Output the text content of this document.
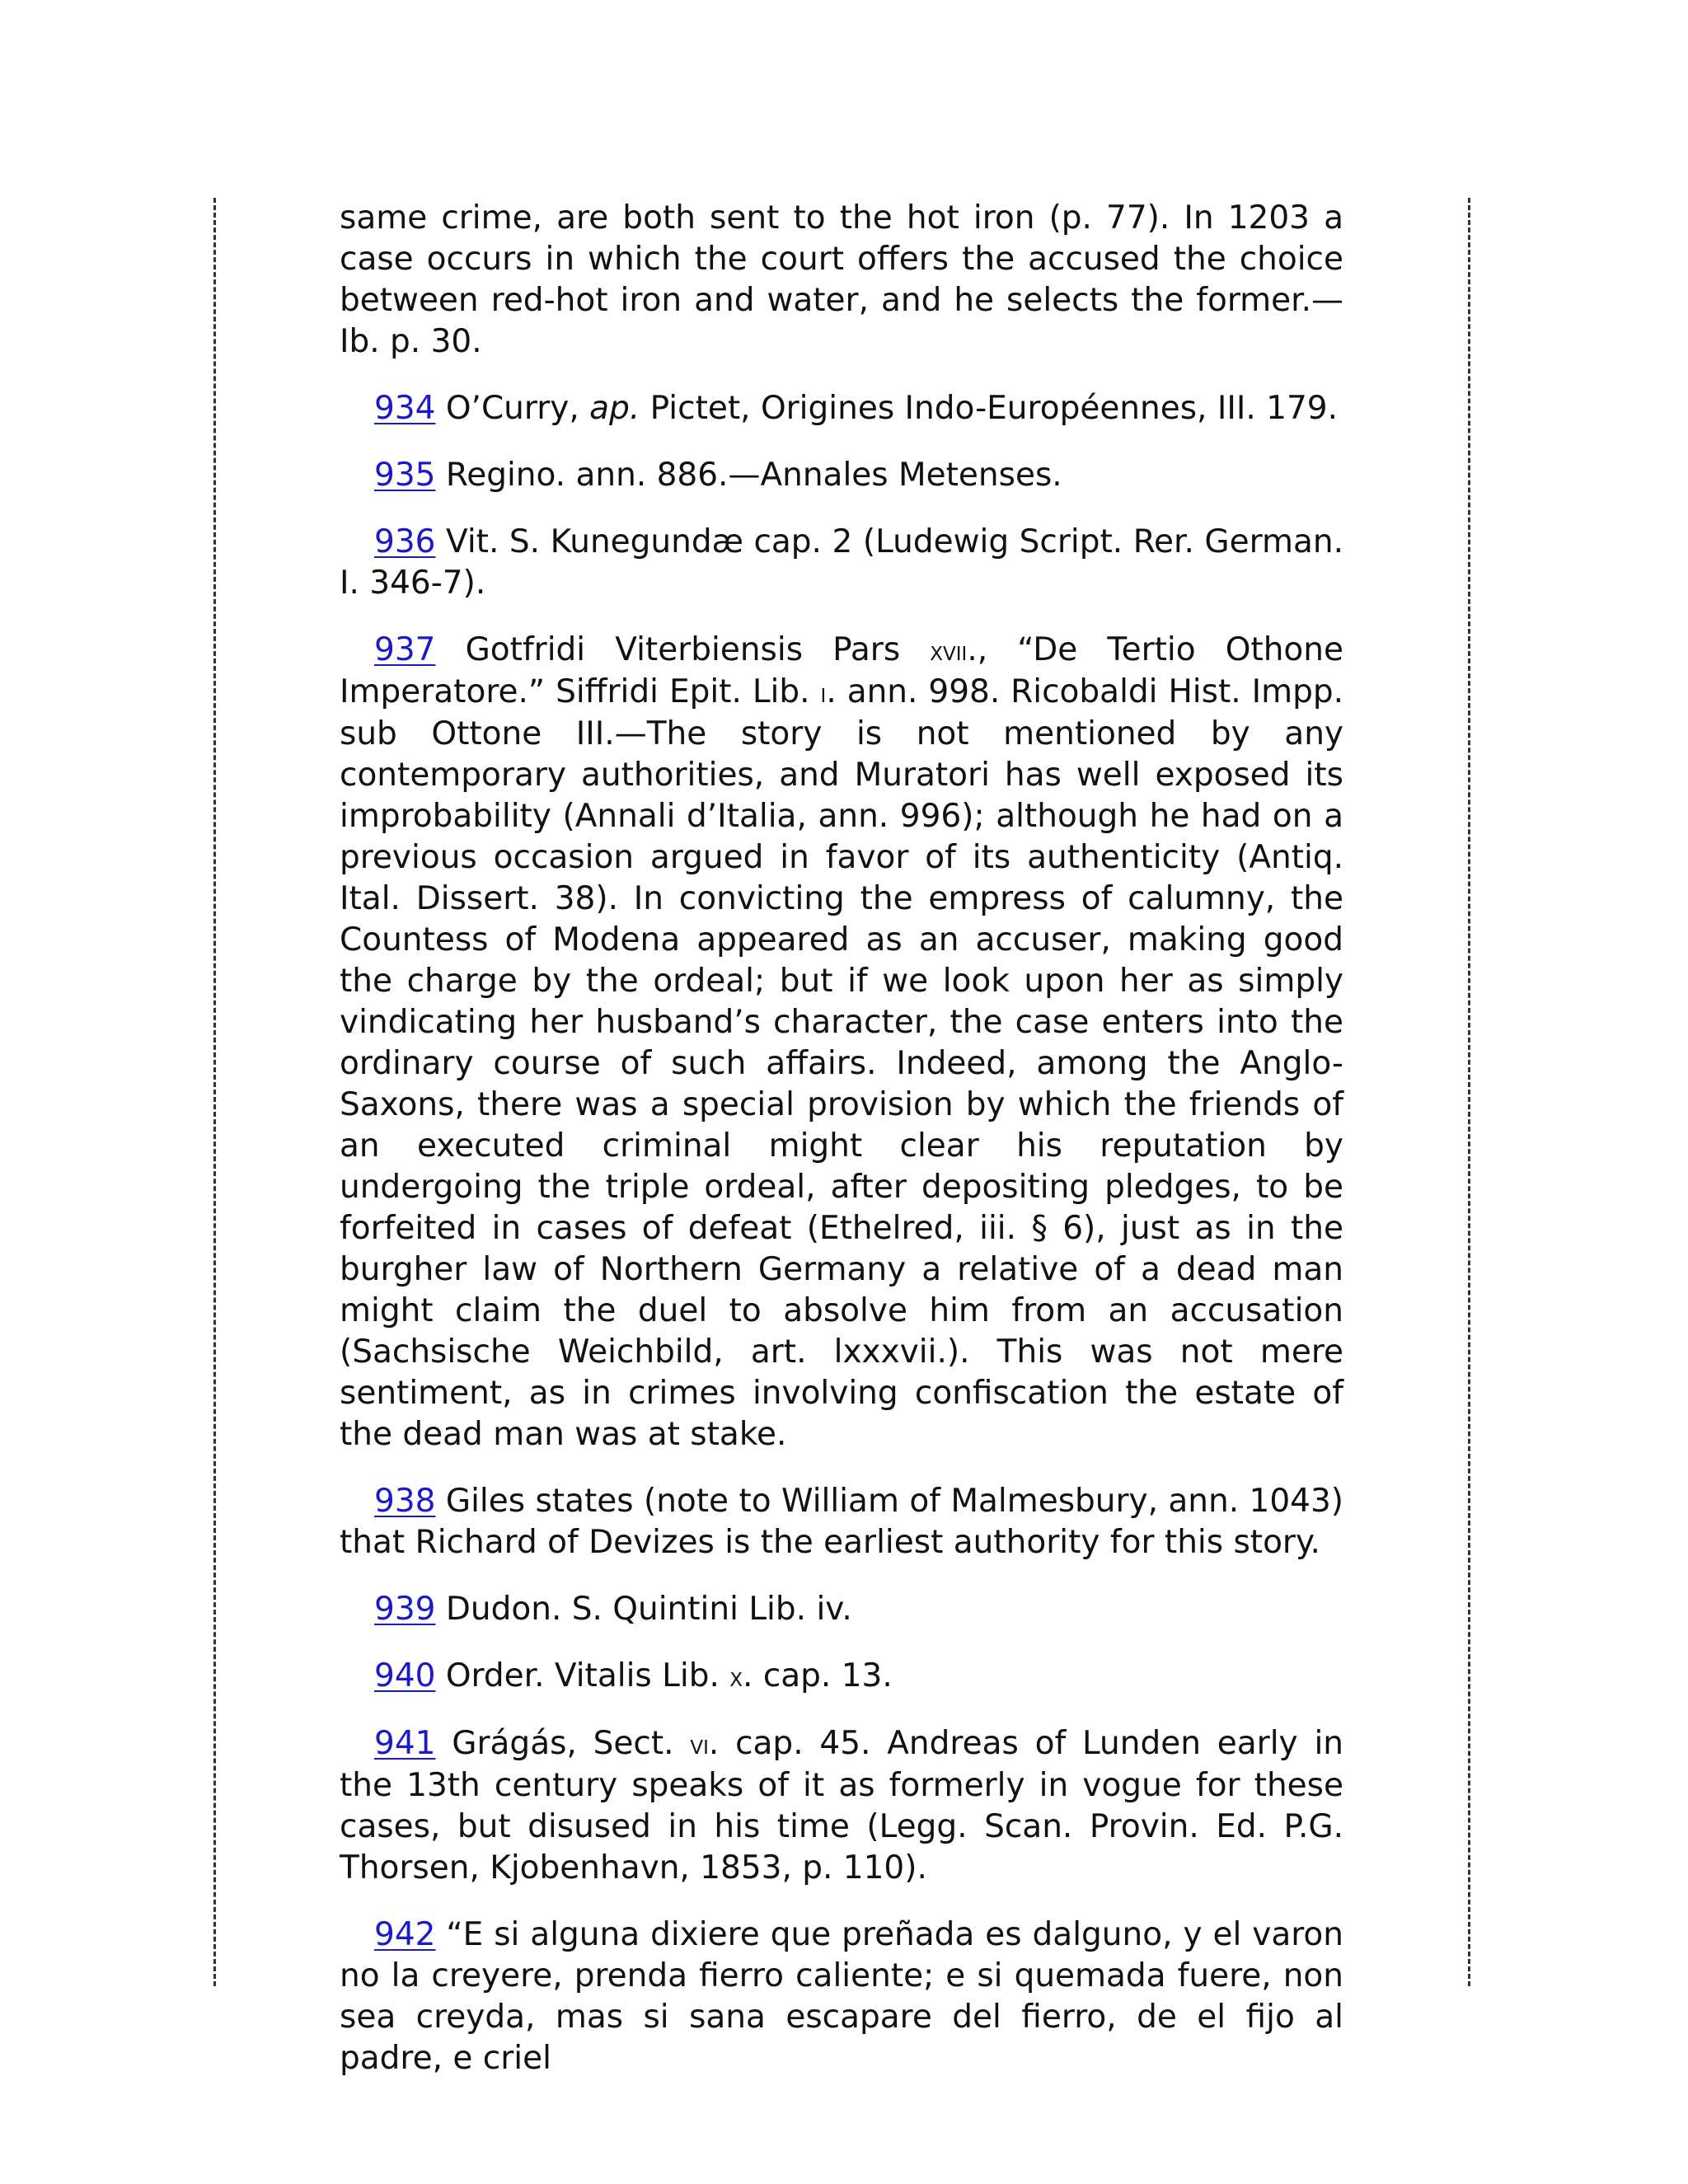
same crime, are both sent to the hot iron (p. 77). In 1203 a case occurs in which the court offers the accused the choice between red-hot iron and water, and he selects the former.—Ib. p. 30.

934 O’Curry, ap. Pictet, Origines Indo-Européennes, III. 179.

935 Regino. ann. 886.—Annales Metenses.

936 Vit. S. Kunegundæ cap. 2 (Ludewig Script. Rer. German. I. 346-7).

937 Gotfridi Viterbiensis Pars xvii., “De Tertio Othone Imperatore.” Siffridi Epit. Lib. i. ann. 998. Ricobaldi Hist. Impp. sub Ottone III.—The story is not mentioned by any contemporary authorities, and Muratori has well exposed its improbability (Annali d’Italia, ann. 996); although he had on a previous occasion argued in favor of its authenticity (Antiq. Ital. Dissert. 38). In convicting the empress of calumny, the Countess of Modena appeared as an accuser, making good the charge by the ordeal; but if we look upon her as simply vindicating her husband’s character, the case enters into the ordinary course of such affairs. Indeed, among the Anglo-Saxons, there was a special provision by which the friends of an executed criminal might clear his reputation by undergoing the triple ordeal, after depositing pledges, to be forfeited in cases of defeat (Ethelred, iii. § 6), just as in the burgher law of Northern Germany a relative of a dead man might claim the duel to absolve him from an accusation (Sachsische Weichbild, art. lxxxvii.). This was not mere sentiment, as in crimes involving confiscation the estate of the dead man was at stake.

938 Giles states (note to William of Malmesbury, ann. 1043) that Richard of Devizes is the earliest authority for this story.

939 Dudon. S. Quintini Lib. iv.

940 Order. Vitalis Lib. x. cap. 13.

941 Grágás, Sect. vi. cap. 45. Andreas of Lunden early in the 13th century speaks of it as formerly in vogue for these cases, but disused in his time (Legg. Scan. Provin. Ed. P.G. Thorsen, Kjobenhavn, 1853, p. 110).

942 “E si alguna dixiere que preñada es dalguno, y el varon no la creyere, prenda fierro caliente; e si quemada fuere, non sea creyda, mas si sana escapare del fierro, de el fijo al padre, e criel
